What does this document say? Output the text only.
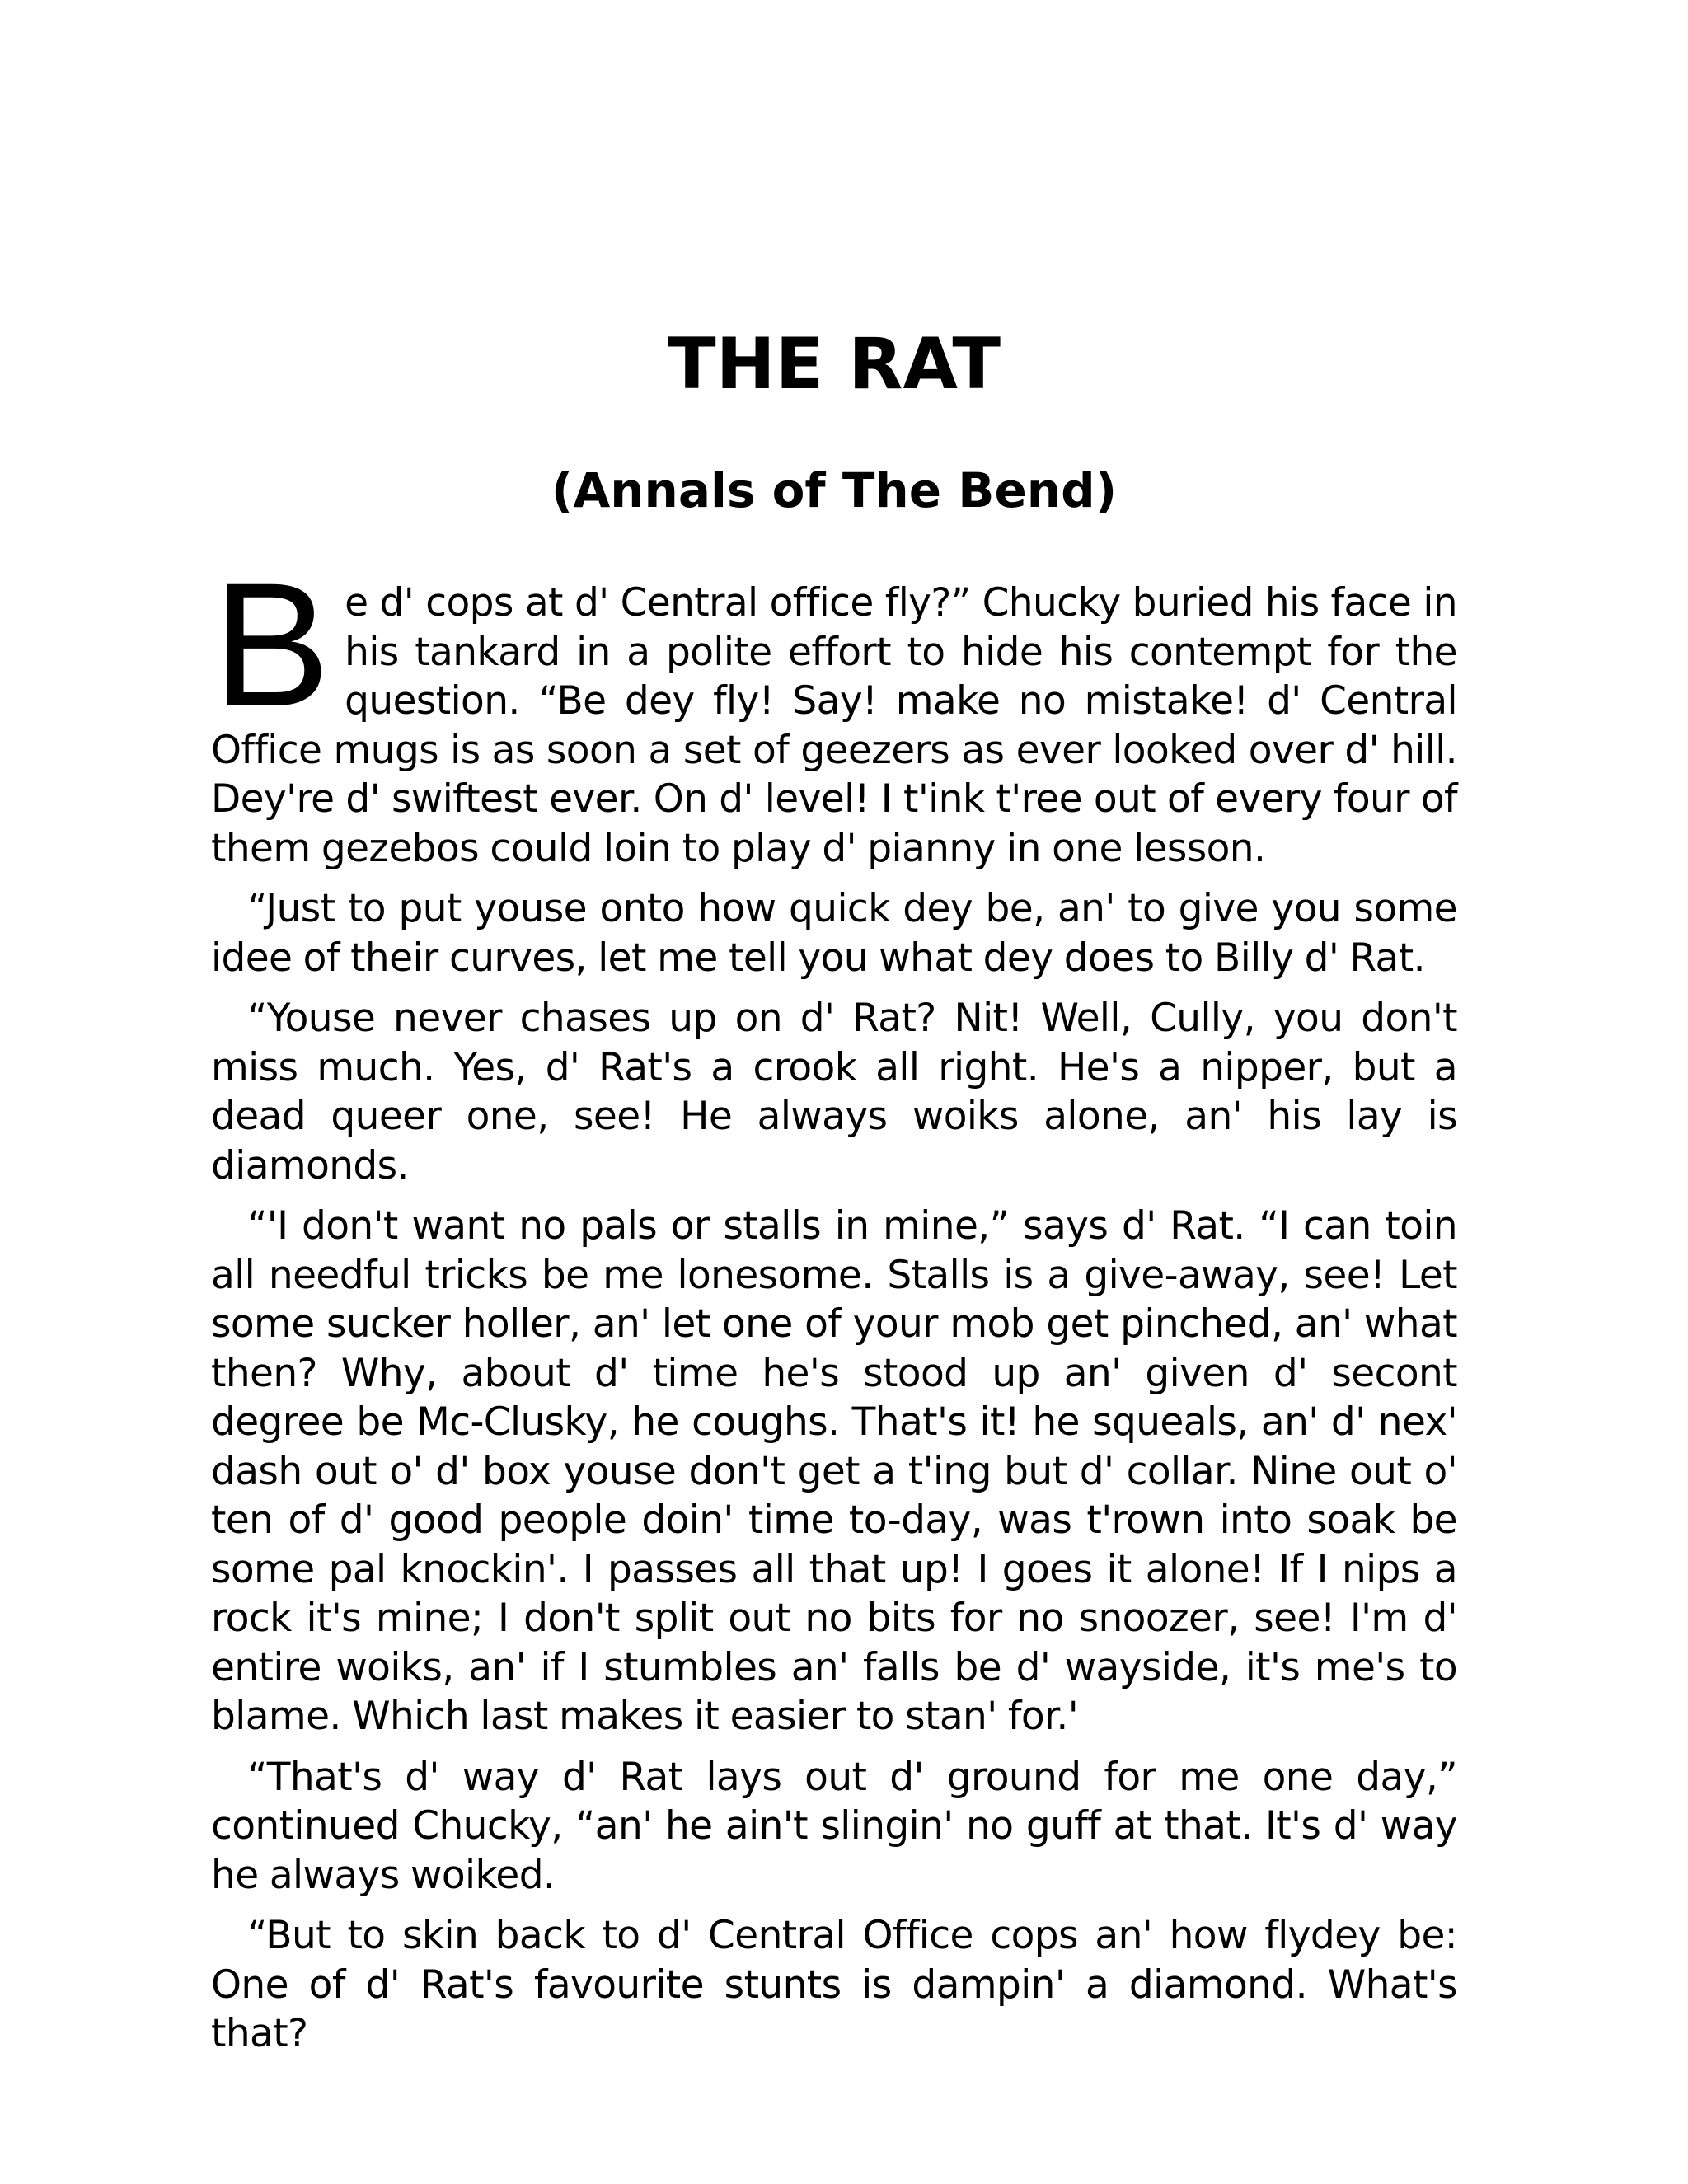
THE RAT
(Annals of The Bend)

Be d' cops at d' Central office fly?” Chucky buried his face in his tankard in a polite effort to hide his contempt for the question. “Be dey fly! Say! make no mistake! d' Central Office mugs is as soon a set of geezers as ever looked over d' hill. Dey're d' swiftest ever. On d' level! I t'ink t'ree out of every four of them gezebos could loin to play d' pianny in one lesson.

“Just to put youse onto how quick dey be, an' to give you some idee of their curves, let me tell you what dey does to Billy d' Rat.

“Youse never chases up on d' Rat? Nit! Well, Cully, you don't miss much. Yes, d' Rat's a crook all right. He's a nipper, but a dead queer one, see! He always woiks alone, an' his lay is diamonds.

“'I don't want no pals or stalls in mine,” says d' Rat. “I can toin all needful tricks be me lonesome. Stalls is a give-away, see! Let some sucker holler, an' let one of your mob get pinched, an' what then? Why, about d' time he's stood up an' given d' secont degree be Mc-Clusky, he coughs. That's it! he squeals, an' d' nex' dash out o' d' box youse don't get a t'ing but d' collar. Nine out o' ten of d' good people doin' time to-day, was t'rown into soak be some pal knockin'. I passes all that up! I goes it alone! If I nips a rock it's mine; I don't split out no bits for no snoozer, see! I'm d' entire woiks, an' if I stumbles an' falls be d' wayside, it's me's to blame. Which last makes it easier to stan' for.'

“That's d' way d' Rat lays out d' ground for me one day,” continued Chucky, “an' he ain't slingin' no guff at that. It's d' way he always woiked.

“But to skin back to d' Central Office cops an' how flydey be: One of d' Rat's favourite stunts is dampin' a diamond. What's that?
